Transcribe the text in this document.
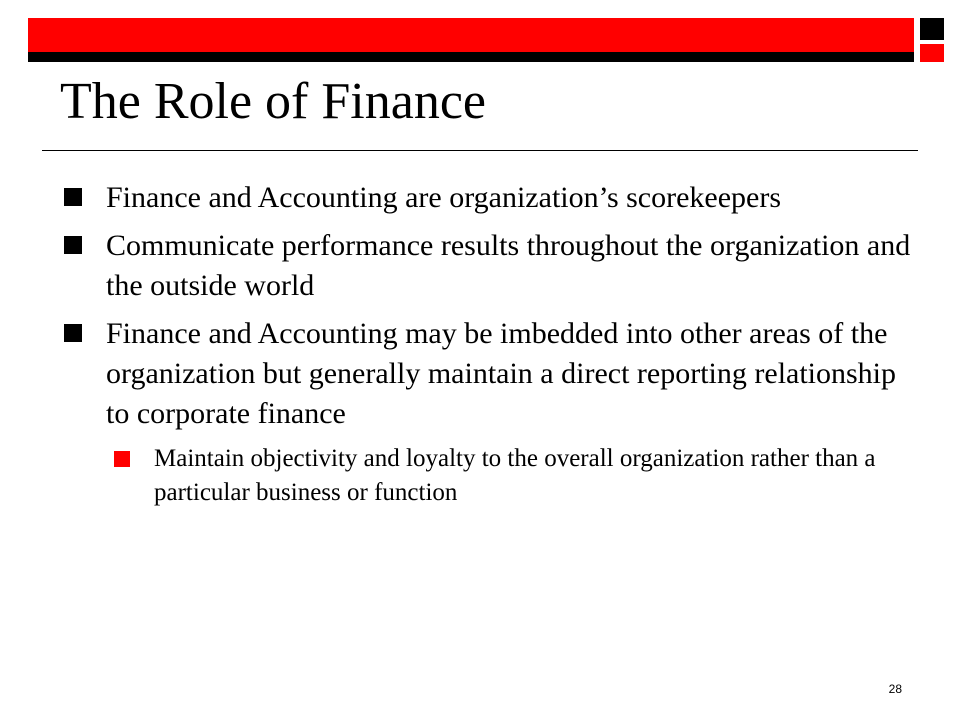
The Role of Finance
Finance and Accounting are organization’s scorekeepers
Communicate performance results throughout the organization and the outside world
Finance and Accounting may be imbedded into other areas of the organization but generally maintain a direct reporting relationship to corporate finance
Maintain objectivity and loyalty to the overall organization rather than a particular business or function
28
